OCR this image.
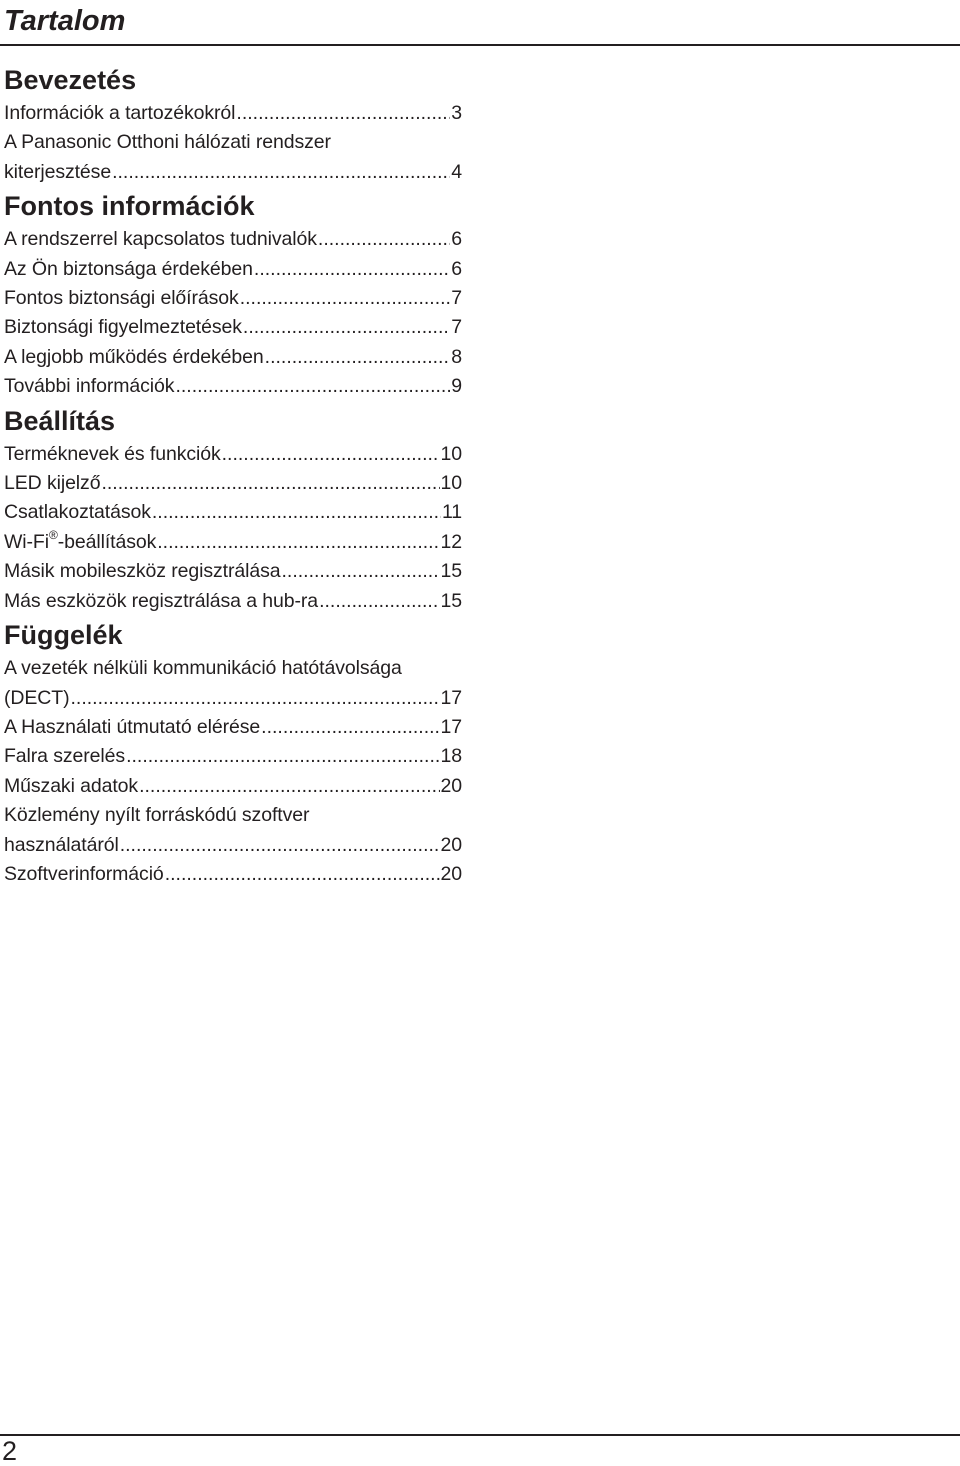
Tartalom
Bevezetés
Információk a tartozékokról .....	3
A Panasonic Otthoni hálózati rendszer
kiterjesztése .....	4
Fontos információk
A rendszerrel kapcsolatos tudnivalók .....	6
Az Ön biztonsága érdekében .....	6
Fontos biztonsági előírások .....	7
Biztonsági figyelmeztetések .....	7
A legjobb működés érdekében .....	8
További információk .....	9
Beállítás
Terméknevek és funkciók .....	10
LED kijelző .....	10
Csatlakoztatások .....	11
Wi-Fi®-beállítások .....	12
Másik mobileszköz regisztrálása .....	15
Más eszközök regisztrálása a hub-ra .....	15
Függelék
A vezeték nélküli kommunikáció hatótávolsága
(DECT) .....	17
A Használati útmutató elérése .....	17
Falra szerelés .....	18
Műszaki adatok .....	20
Közlemény nyílt forráskódú szoftver
használatáról .....	20
Szoftverinformáció .....	20
2
